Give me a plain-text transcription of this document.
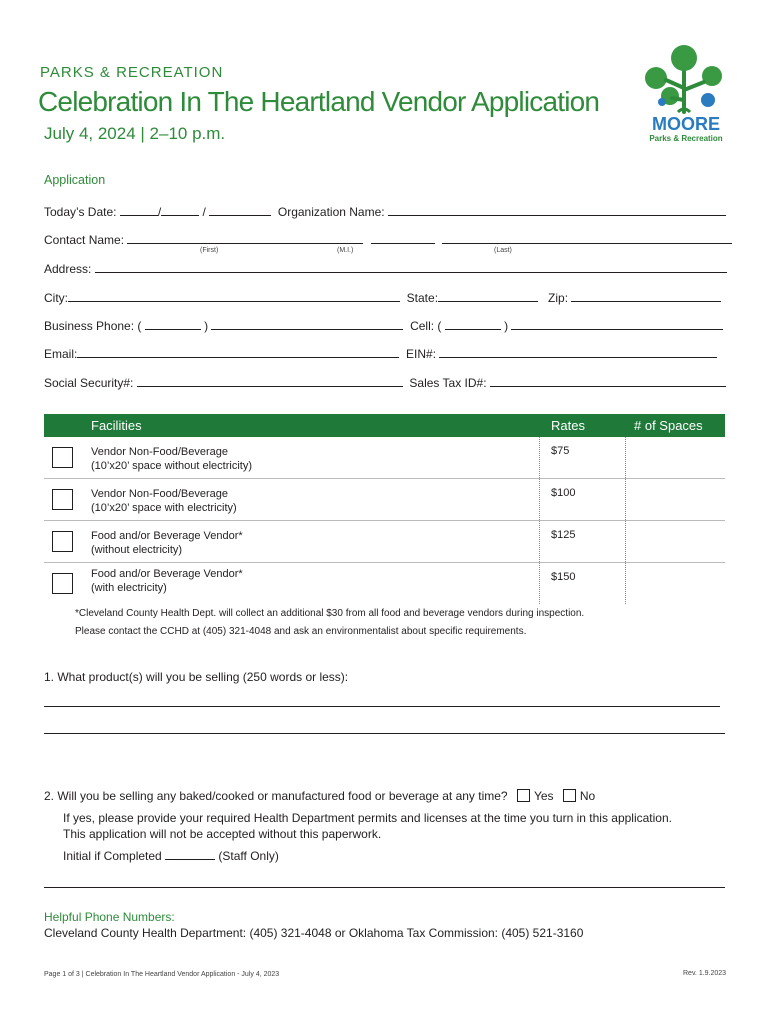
PARKS & RECREATION
Celebration In The Heartland Vendor Application
July 4, 2024 | 2–10 p.m.	MOORE
Parks & Recreation
Application
Today’s Date:	/	/	Organization Name:
Contact Name:
(First)	(M.I.)	(Last)
Address:
City:	State:	Zip:
Business Phone: (	)	Cell: (	)
Email:	EIN#:
Social Security#:	Sales Tax ID#:
Facilities	Rates	# of Spaces
Vendor Non-Food/Beverage
(10’x20’ space without electricity)
$75
Vendor Non-Food/Beverage
(10’x20’ space with electricity)
$100
Food and/or Beverage Vendor*
(without electricity)
$125
Food and/or Beverage Vendor*
(with electricity)
$150
*Cleveland County Health Dept. will collect an additional $30 from all food and beverage vendors during inspection.
Please contact the CCHD at (405) 321-4048 and ask an environmentalist about specific requirements.
1. What product(s) will you be selling (250 words or less):
2. Will you be selling any baked/cooked or manufactured food or beverage at any time? Yes No
If yes, please provide your required Health Department permits and licenses at the time you turn in this application.
This application will not be accepted without this paperwork.
Initial if Completed	(Staff Only)
Helpful Phone Numbers:
Cleveland County Health Department: (405) 321-4048 or Oklahoma Tax Commission: (405) 521-3160
Page 1 of 3 | Celebration In The Heartland Vendor Application - July 4, 2023	Rev. 1.9.2023
